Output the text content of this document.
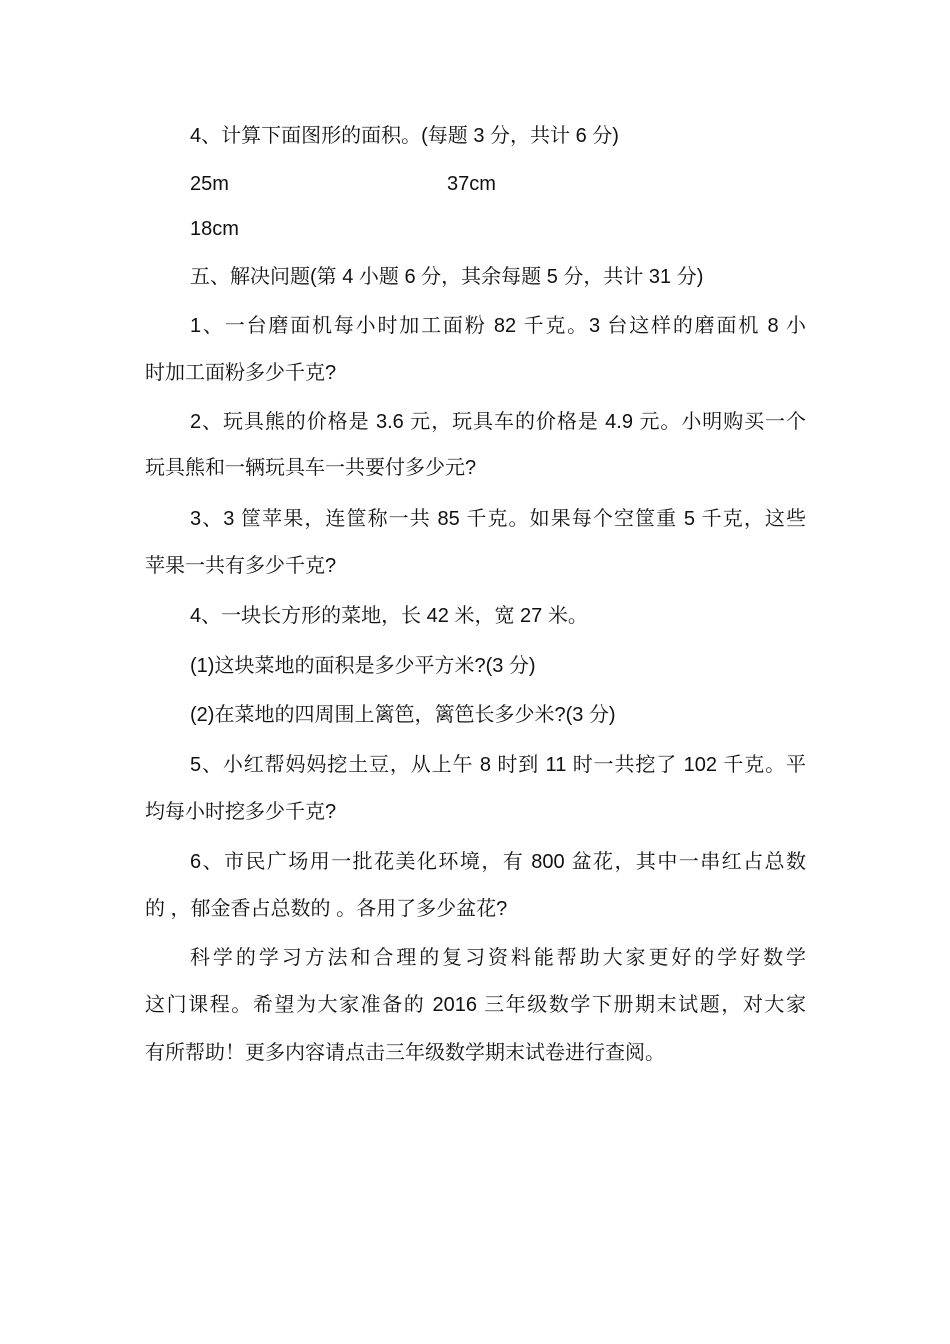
4、计算下面图形的面积。(每题 3 分，共计 6 分)
25m	37cm
18cm
五、解决问题(第 4 小题 6 分，其余每题 5 分，共计 31 分)
1、一台磨面机每小时加工面粉 82 千克。3 台这样的磨面机 8 小
时加工面粉多少千克?
2、玩具熊的价格是 3.6 元，玩具车的价格是 4.9 元。小明购买一个
玩具熊和一辆玩具车一共要付多少元?
3、3 筐苹果，连筐称一共 85 千克。如果每个空筐重 5 千克，这些
苹果一共有多少千克?
4、一块长方形的菜地，长 42 米，宽 27 米。
(1)这块菜地的面积是多少平方米?(3 分)
(2)在菜地的四周围上篱笆，篱笆长多少米?(3 分)
5、小红帮妈妈挖土豆，从上午 8 时到 11 时一共挖了 102 千克。平
均每小时挖多少千克?
6、市民广场用一批花美化环境，有 800 盆花，其中一串红占总数
的 ，郁金香占总数的 。各用了多少盆花?
科学的学习方法和合理的复习资料能帮助大家更好的学好数学
这门课程。希望为大家准备的 2016 三年级数学下册期末试题，对大家
有所帮助！更多内容请点击三年级数学期末试卷进行查阅。
